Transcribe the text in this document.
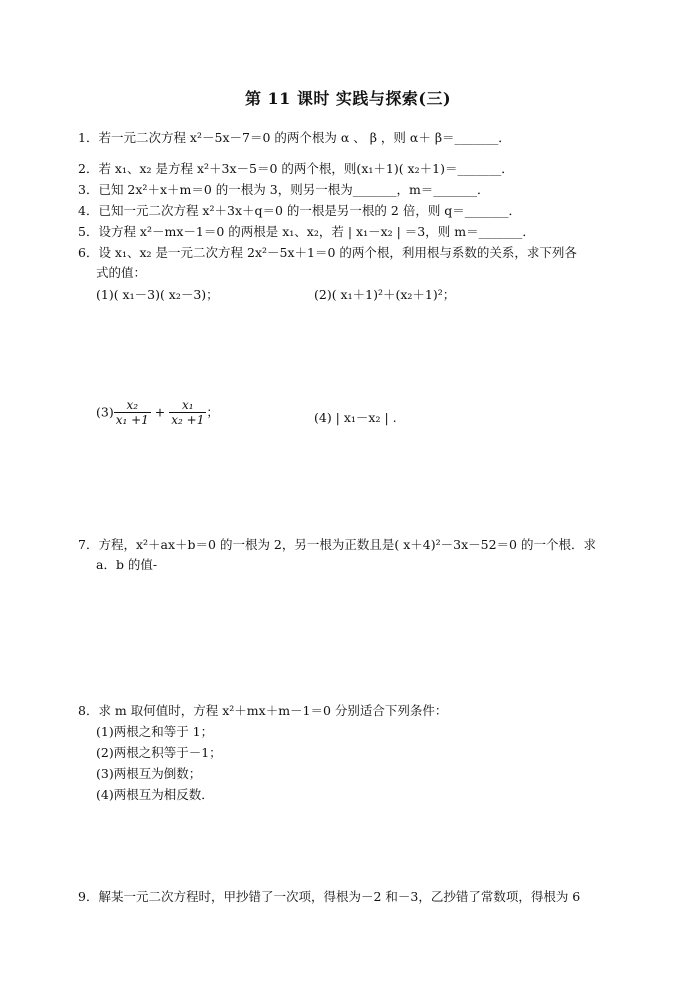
第 11 课时 实践与探索(三)
1．若一元二次方程 x²－5x－7＝0 的两个根为 α 、 β ，则 α＋ β＝_______．
2．若 x₁、x₂ 是方程 x²＋3x－5＝0 的两个根，则(x₁＋1)( x₂＋1)＝_______．
3．已知 2x²＋x＋m＝0 的一根为 3，则另一根为_______，m＝_______．
4．已知一元二次方程 x²＋3x＋q＝0 的一根是另一根的 2 倍，则 q＝_______．
5．设方程 x²－mx－1＝0 的两根是 x₁、x₂，若 | x₁－x₂ | ＝3，则 m＝_______．
6．设 x₁、x₂ 是一元二次方程 2x²－5x＋1＝0 的两个根，利用根与系数的关系，求下列各
式的值：
(1)( x₁－3)( x₂－3)；	(2)( x₁＋1)²＋(x₂＋1)²；
$(3) \frac{\text{x₂}}{\text{x₁ +1}} + \frac{\text{x₁}}{\text{x₂ +1}}$ ；	(4) | x₁－x₂ | .
7．方程，x²＋ax＋b＝0 的一根为 2，另一根为正数且是( x＋4)²－3x－52＝0 的一个根．求
a．b 的值-
8．求 m 取何值时，方程 x²＋mx＋m－1＝0 分别适合下列条件：
(1)两根之和等于 1；
(2)两根之积等于－1；
(3)两根互为倒数；
(4)两根互为相反数．
9．解某一元二次方程时，甲抄错了一次项，得根为－2 和－3，乙抄错了常数项，得根为 6
